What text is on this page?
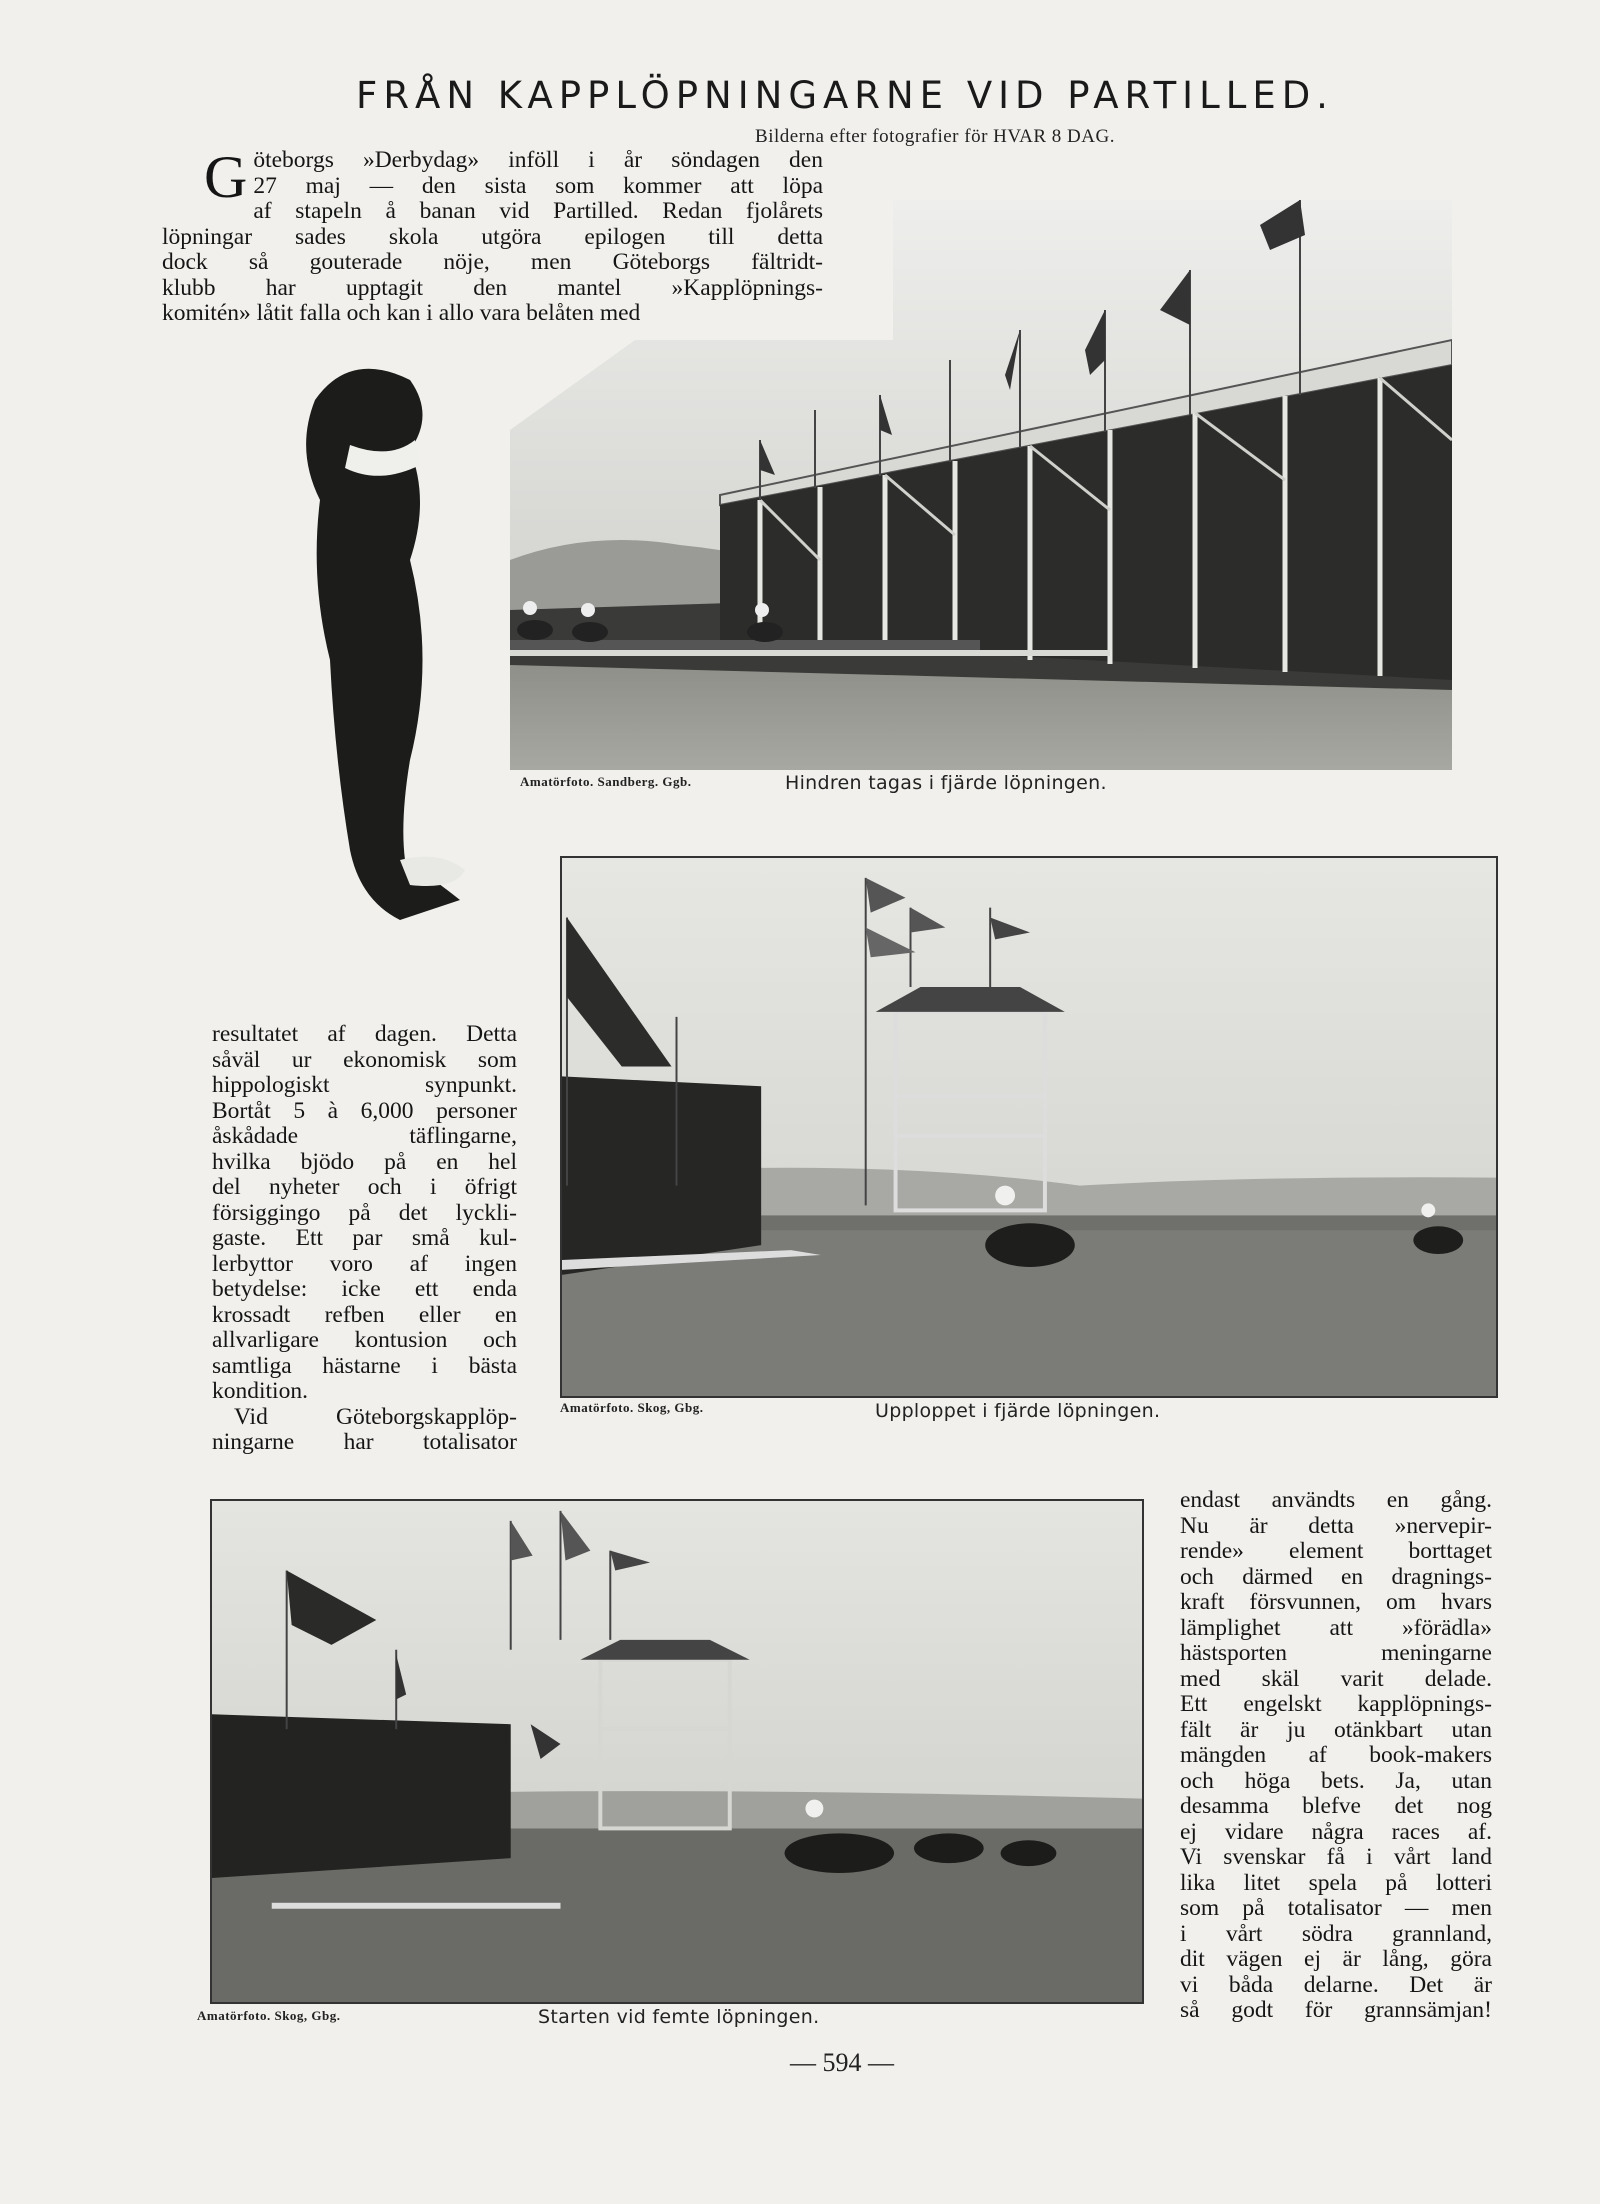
FRÅN KAPPLÖPNINGARNE VID PARTILLED.
Bilderna efter fotografier för HVAR 8 DAG.
G öteborgs »Derbydag» inföll i år söndagen den
27 maj — den sista som kommer att löpa
af stapeln å banan vid Partilled. Redan fjolårets
löpningar sades skola utgöra epilogen till detta
dock så gouterade nöje, men Göteborgs fältridt-
klubb har upptagit den mantel »Kapplöpnings-
komitén» låtit falla och kan i allo vara belåten med
Amatörfoto. Sandberg. Ggb.	Hindren tagas i fjärde löpningen.
resultatet af dagen. Detta
såväl ur ekonomisk som
hippologiskt synpunkt.
Bortåt 5 à 6,000 personer
åskådade täflingarne,
hvilka bjödo på en hel
del nyheter och i öfrigt
försiggingo på det lyckli-
gaste. Ett par små kul-
lerbyttor voro af ingen
betydelse: icke ett enda
krossadt refben eller en
allvarligare kontusion och
samtliga hästarne i bästa
kondition.
Vid Göteborgskapplöp-
ningarne har totalisator
Amatörfoto. Skog, Gbg.	Upploppet i fjärde löpningen.
Amatörfoto. Skog, Gbg.	Starten vid femte löpningen.
endast användts en gång.
Nu är detta »nervepir-
rende» element borttaget
och därmed en dragnings-
kraft försvunnen, om hvars
lämplighet att »förädla»
hästsporten meningarne
med skäl varit delade.
Ett engelskt kapplöpnings-
fält är ju otänkbart utan
mängden af book-makers
och höga bets. Ja, utan
desamma blefve det nog
ej vidare några races af.
Vi svenskar få i vårt land
lika litet spela på lotteri
som på totalisator — men
i vårt södra grannland,
dit vägen ej är lång, göra
vi båda delarne. Det är
så godt för grannsämjan!
— 594 —
